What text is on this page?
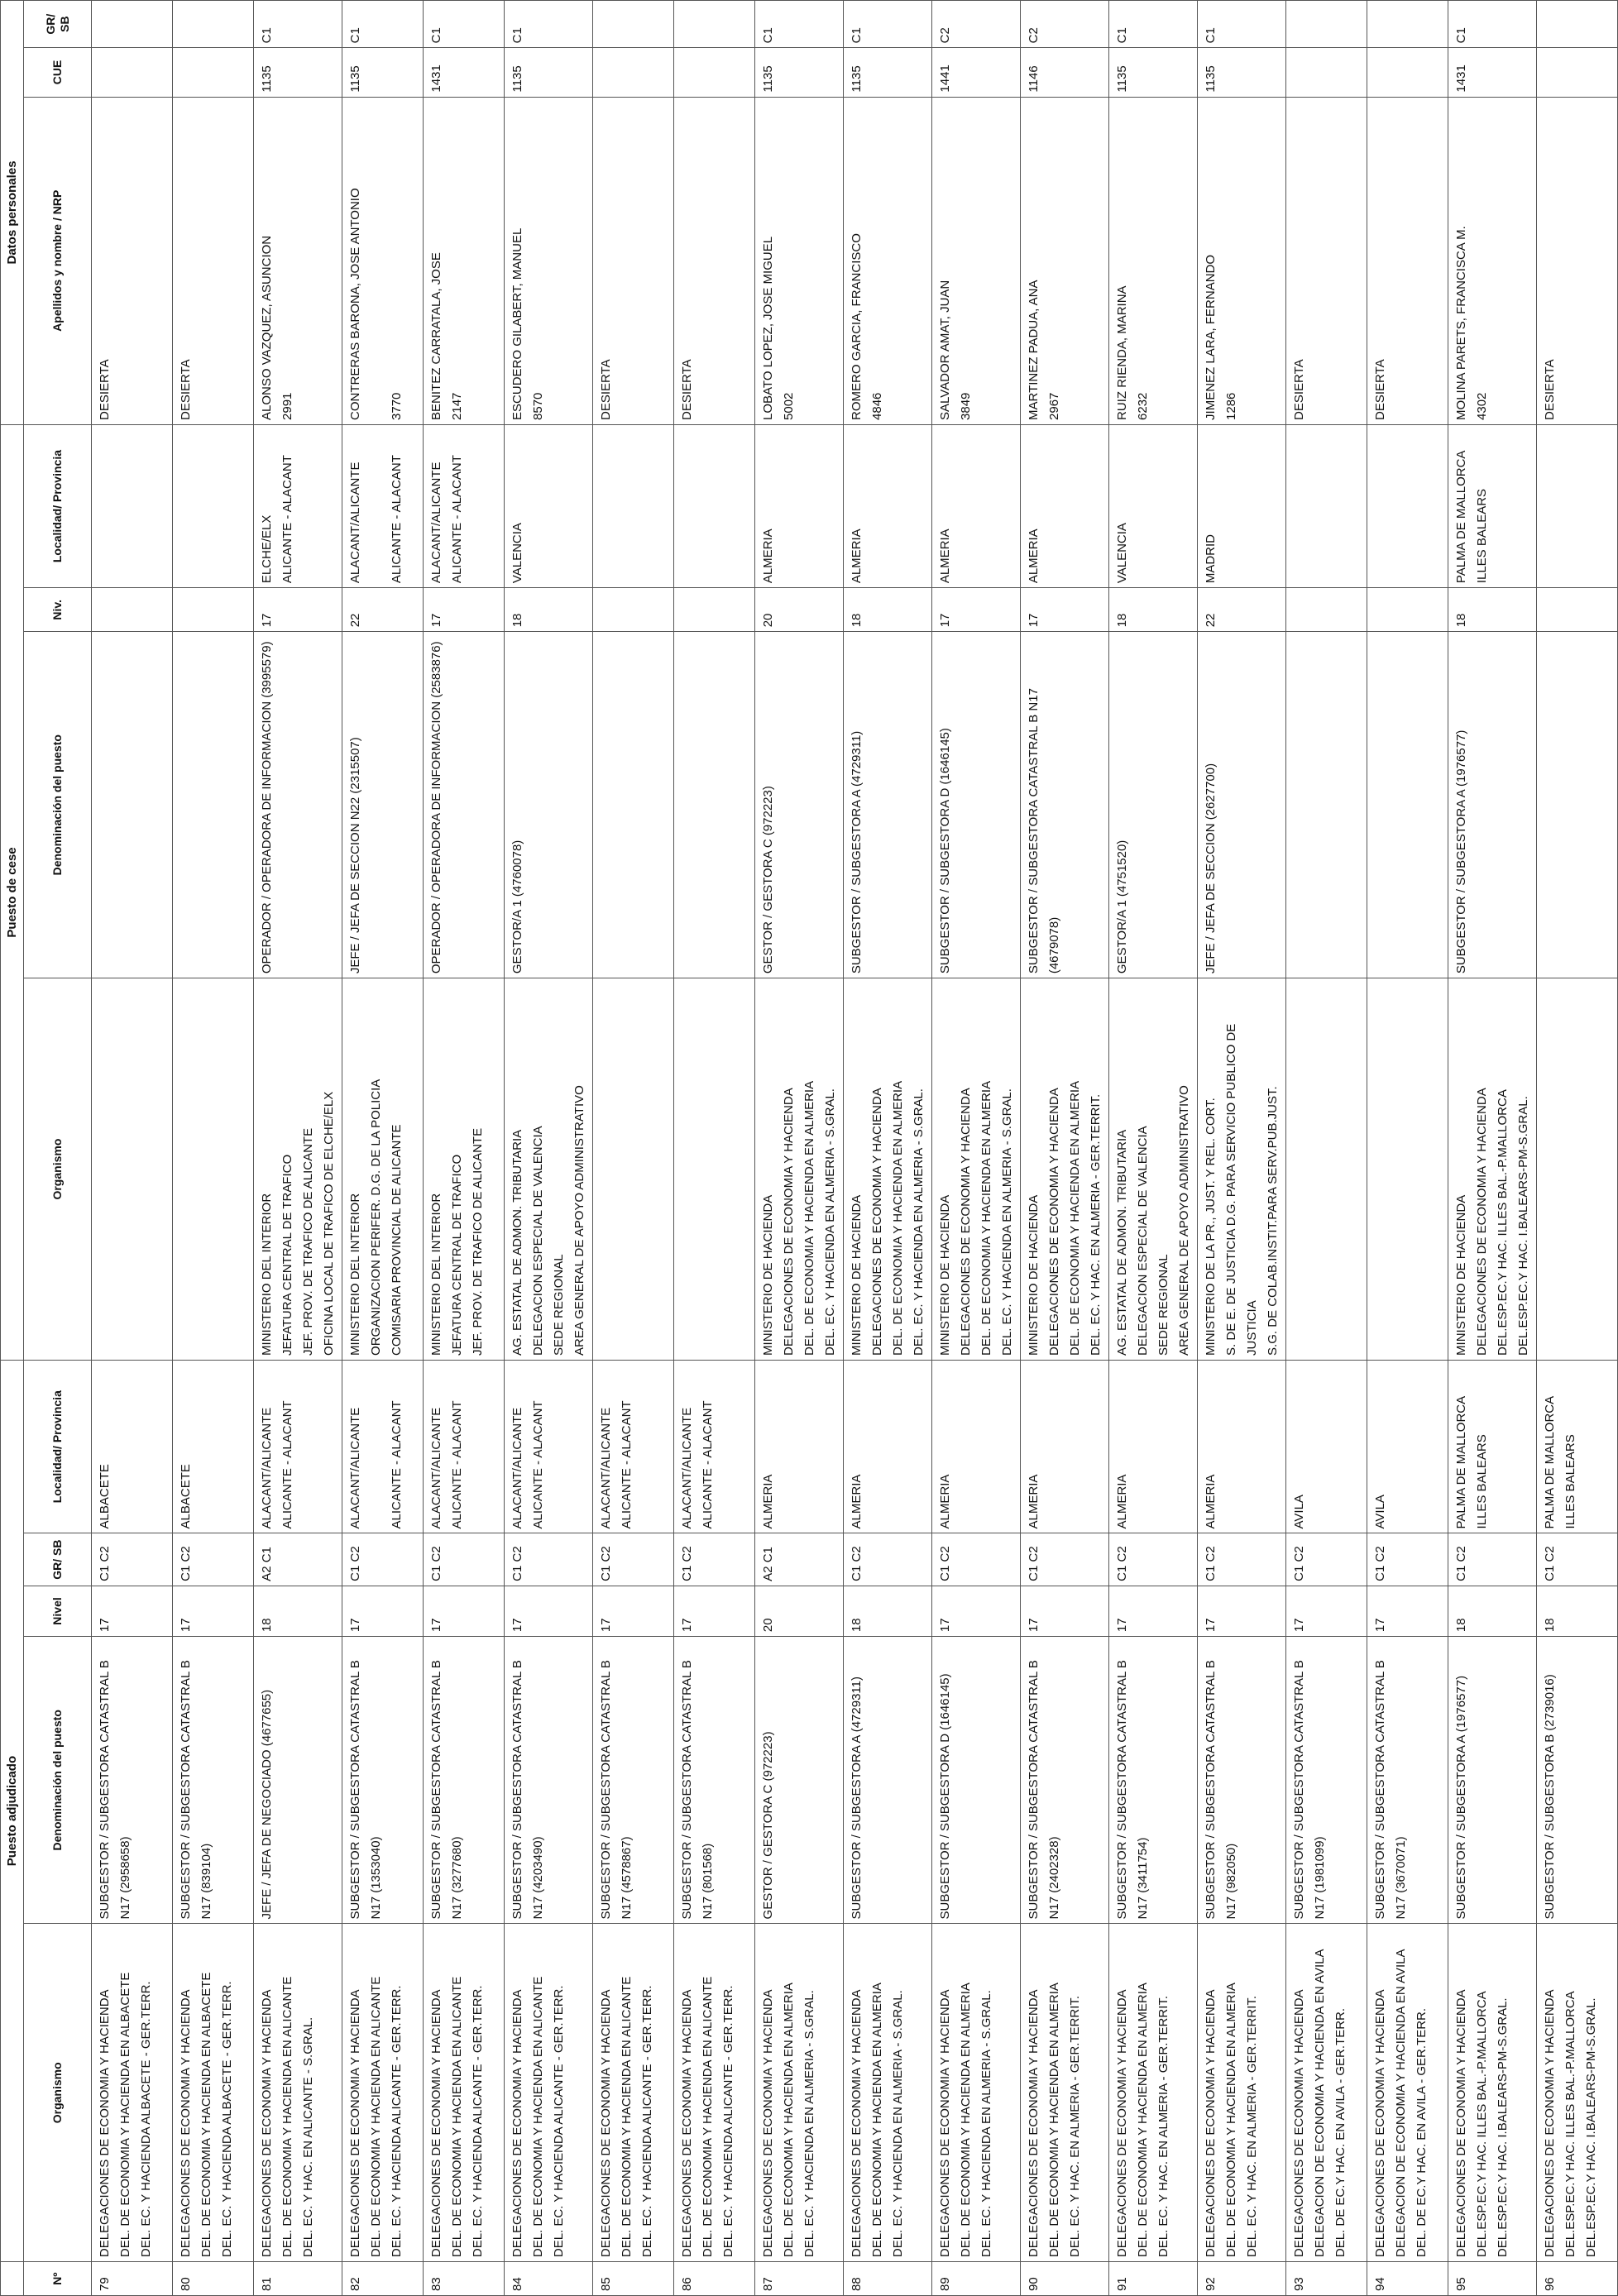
	Puesto adjudicado					Puesto de cese				Datos personales		
Nº	Organismo	Denominación del puesto	Nivel	GR/ SB	Localidad/ Provincia	Organismo	Denominación del puesto	Niv.	Localidad/ Provincia	Apellidos y nombre / NRP	CUE	GR/ SB
79	DELEGACIONES DE ECONOMIA Y HACIENDA DEL. DE ECONOMIA Y HACIENDA EN ALBACETE DEL. EC. Y HACIENDA ALBACETE - GER.TERR.	SUBGESTOR / SUBGESTORA CATASTRAL B N17 (2958658)	17	C1 C2	ALBACETE					DESIERTA		

80	DELEGACIONES DE ECONOMIA Y HACIENDA DEL. DE ECONOMIA Y HACIENDA EN ALBACETE DEL. EC. Y HACIENDA ALBACETE - GER.TERR.	SUBGESTOR / SUBGESTORA CATASTRAL B N17 (839104)	17	C1 C2	ALBACETE					DESIERTA		

81	DELEGACIONES DE ECONOMIA Y HACIENDA DEL. DE ECONOMIA Y HACIENDA EN ALICANTE DEL. EC. Y HAC. EN ALICANTE - S.GRAL.	JEFE / JEFA DE NEGOCIADO (4677655)	18	A2 C1	ALACANT/ALICANTE ALICANTE - ALACANT	MINISTERIO DEL INTERIOR JEFATURA CENTRAL DE TRAFICO JEF. PROV. DE TRAFICO DE ALICANTE OFICINA LOCAL DE TRAFICO DE ELCHE/ELX	OPERADOR / OPERADORA DE INFORMACION (3995579)	17	ELCHE/ELX ALICANTE - ALACANT	ALONSO VAZQUEZ, ASUNCION 2991	1135	C1
82	DELEGACIONES DE ECONOMIA Y HACIENDA DEL. DE ECONOMIA Y HACIENDA EN ALICANTE DEL. EC. Y HACIENDA ALICANTE - GER.TERR.	SUBGESTOR / SUBGESTORA CATASTRAL B N17 (1353040)	17	C1 C2	ALACANT/ALICANTE ALICANTE - ALACANT	MINISTERIO DEL INTERIOR ORGANIZACION PERIFER. D.G. DE LA POLICIA COMISARIA PROVINCIAL DE ALICANTE	JEFE / JEFA DE SECCION N22 (2315507)	22	ALACANT/ALICANTE ALICANTE - ALACANT	CONTRERAS BARONA, JOSE ANTONIO 3770	1135	C1
83	DELEGACIONES DE ECONOMIA Y HACIENDA DEL. DE ECONOMIA Y HACIENDA EN ALICANTE DEL. EC. Y HACIENDA ALICANTE - GER.TERR.	SUBGESTOR / SUBGESTORA CATASTRAL B N17 (3277680)	17	C1 C2	ALACANT/ALICANTE ALICANTE - ALACANT	MINISTERIO DEL INTERIOR JEFATURA CENTRAL DE TRAFICO JEF. PROV. DE TRAFICO DE ALICANTE	OPERADOR / OPERADORA DE INFORMACION (2583876)	17	ALACANT/ALICANTE ALICANTE - ALACANT	BENITEZ CARRATALA, JOSE 2147	1431	C1
84	DELEGACIONES DE ECONOMIA Y HACIENDA DEL. DE ECONOMIA Y HACIENDA EN ALICANTE DEL. EC. Y HACIENDA ALICANTE - GER.TERR.	SUBGESTOR / SUBGESTORA CATASTRAL B N17 (4203490)	17	C1 C2	ALACANT/ALICANTE ALICANTE - ALACANT	AG. ESTATAL DE ADMON. TRIBUTARIA DELEGACION ESPECIAL DE VALENCIA SEDE REGIONAL AREA GENERAL DE APOYO ADMINISTRATIVO	GESTOR/A 1 (4760078)	18	VALENCIA	ESCUDERO GILABERT, MANUEL 8570	1135	C1
85	DELEGACIONES DE ECONOMIA Y HACIENDA DEL. DE ECONOMIA Y HACIENDA EN ALICANTE DEL. EC. Y HACIENDA ALICANTE - GER.TERR.	SUBGESTOR / SUBGESTORA CATASTRAL B N17 (4578867)	17	C1 C2	ALACANT/ALICANTE ALICANTE - ALACANT					DESIERTA		

86	DELEGACIONES DE ECONOMIA Y HACIENDA DEL. DE ECONOMIA Y HACIENDA EN ALICANTE DEL. EC. Y HACIENDA ALICANTE - GER.TERR.	SUBGESTOR / SUBGESTORA CATASTRAL B N17 (801568)	17	C1 C2	ALACANT/ALICANTE ALICANTE - ALACANT					DESIERTA		

87	DELEGACIONES DE ECONOMIA Y HACIENDA DEL. DE ECONOMIA Y HACIENDA EN ALMERIA DEL. EC. Y HACIENDA EN ALMERIA - S.GRAL.	GESTOR / GESTORA C (972223)	20	A2 C1	ALMERIA	MINISTERIO DE HACIENDA DELEGACIONES DE ECONOMIA Y HACIENDA DEL. DE ECONOMIA Y HACIENDA EN ALMERIA DEL. EC. Y HACIENDA EN ALMERIA - S.GRAL.	GESTOR / GESTORA C (972223)	20	ALMERIA	LOBATO LOPEZ, JOSE MIGUEL 5002	1135	C1
88	DELEGACIONES DE ECONOMIA Y HACIENDA DEL. DE ECONOMIA Y HACIENDA EN ALMERIA DEL. EC. Y HACIENDA EN ALMERIA - S.GRAL.	SUBGESTOR / SUBGESTORA A (4729311)	18	C1 C2	ALMERIA	MINISTERIO DE HACIENDA DELEGACIONES DE ECONOMIA Y HACIENDA DEL. DE ECONOMIA Y HACIENDA EN ALMERIA DEL. EC. Y HACIENDA EN ALMERIA - S.GRAL.	SUBGESTOR / SUBGESTORA A (4729311)	18	ALMERIA	ROMERO GARCIA, FRANCISCO 4846	1135	C1
89	DELEGACIONES DE ECONOMIA Y HACIENDA DEL. DE ECONOMIA Y HACIENDA EN ALMERIA DEL. EC. Y HACIENDA EN ALMERIA - S.GRAL.	SUBGESTOR / SUBGESTORA D (1646145)	17	C1 C2	ALMERIA	MINISTERIO DE HACIENDA DELEGACIONES DE ECONOMIA Y HACIENDA DEL. DE ECONOMIA Y HACIENDA EN ALMERIA DEL. EC. Y HACIENDA EN ALMERIA - S.GRAL.	SUBGESTOR / SUBGESTORA D (1646145)	17	ALMERIA	SALVADOR AMAT, JUAN 3849	1441	C2
90	DELEGACIONES DE ECONOMIA Y HACIENDA DEL. DE ECONOMIA Y HACIENDA EN ALMERIA DEL. EC. Y HAC. EN ALMERIA - GER.TERRIT.	SUBGESTOR / SUBGESTORA CATASTRAL B N17 (2402328)	17	C1 C2	ALMERIA	MINISTERIO DE HACIENDA DELEGACIONES DE ECONOMIA Y HACIENDA DEL. DE ECONOMIA Y HACIENDA EN ALMERIA DEL. EC. Y HAC. EN ALMERIA - GER.TERRIT.	SUBGESTOR / SUBGESTORA CATASTRAL B N17 (4679078)	17	ALMERIA	MARTINEZ PADUA, ANA 2967	1146	C2
91	DELEGACIONES DE ECONOMIA Y HACIENDA DEL. DE ECONOMIA Y HACIENDA EN ALMERIA DEL. EC. Y HAC. EN ALMERIA - GER.TERRIT.	SUBGESTOR / SUBGESTORA CATASTRAL B N17 (3411754)	17	C1 C2	ALMERIA	AG. ESTATAL DE ADMON. TRIBUTARIA DELEGACION ESPECIAL DE VALENCIA SEDE REGIONAL AREA GENERAL DE APOYO ADMINISTRATIVO	GESTOR/A 1 (4751520)	18	VALENCIA	RUIZ RIENDA, MARINA 6232	1135	C1
92	DELEGACIONES DE ECONOMIA Y HACIENDA DEL. DE ECONOMIA Y HACIENDA EN ALMERIA DEL. EC. Y HAC. EN ALMERIA - GER.TERRIT.	SUBGESTOR / SUBGESTORA CATASTRAL B N17 (982050)	17	C1 C2	ALMERIA	MINISTERIO DE LA PR., JUST. Y REL. CORT. S. DE E. DE JUSTICIA D.G. PARA SERVICIO PUBLICO DE JUSTICIA S.G. DE COLAB.INSTIT.PARA SERV.PUB.JUST.	JEFE / JEFA DE SECCION (2627700)	22	MADRID	JIMENEZ LARA, FERNANDO 1286	1135	C1
93	DELEGACIONES DE ECONOMIA Y HACIENDA DELEGACION DE ECONOMIA Y HACIENDA EN AVILA DEL. DE EC.Y HAC. EN AVILA - GER.TERR.	SUBGESTOR / SUBGESTORA CATASTRAL B N17 (1981099)	17	C1 C2	AVILA					DESIERTA		

94	DELEGACIONES DE ECONOMIA Y HACIENDA DELEGACION DE ECONOMIA Y HACIENDA EN AVILA DEL. DE EC.Y HAC. EN AVILA - GER.TERR.	SUBGESTOR / SUBGESTORA CATASTRAL B N17 (3670071)	17	C1 C2	AVILA					DESIERTA		

95	DELEGACIONES DE ECONOMIA Y HACIENDA DEL.ESP.EC.Y HAC. ILLES BAL.-P.MALLORCA DEL.ESP.EC.Y HAC. I.BALEARS-PM-S.GRAL.	SUBGESTOR / SUBGESTORA A (1976577)	18	C1 C2	PALMA DE MALLORCA ILLES BALEARS	MINISTERIO DE HACIENDA DELEGACIONES DE ECONOMIA Y HACIENDA DEL.ESP.EC.Y HAC. ILLES BAL.-P.MALLORCA DEL.ESP.EC.Y HAC. I.BALEARS-PM-S.GRAL.	SUBGESTOR / SUBGESTORA A (1976577)	18	PALMA DE MALLORCA ILLES BALEARS	MOLINA PARETS, FRANCISCA M. 4302	1431	C1
96	DELEGACIONES DE ECONOMIA Y HACIENDA DEL.ESP.EC.Y HAC. ILLES BAL.-P.MALLORCA DEL.ESP.EC.Y HAC. I.BALEARS-PM-S.GRAL.	SUBGESTOR / SUBGESTORA B (2739016)	18	C1 C2	PALMA DE MALLORCA ILLES BALEARS					DESIERTA		
